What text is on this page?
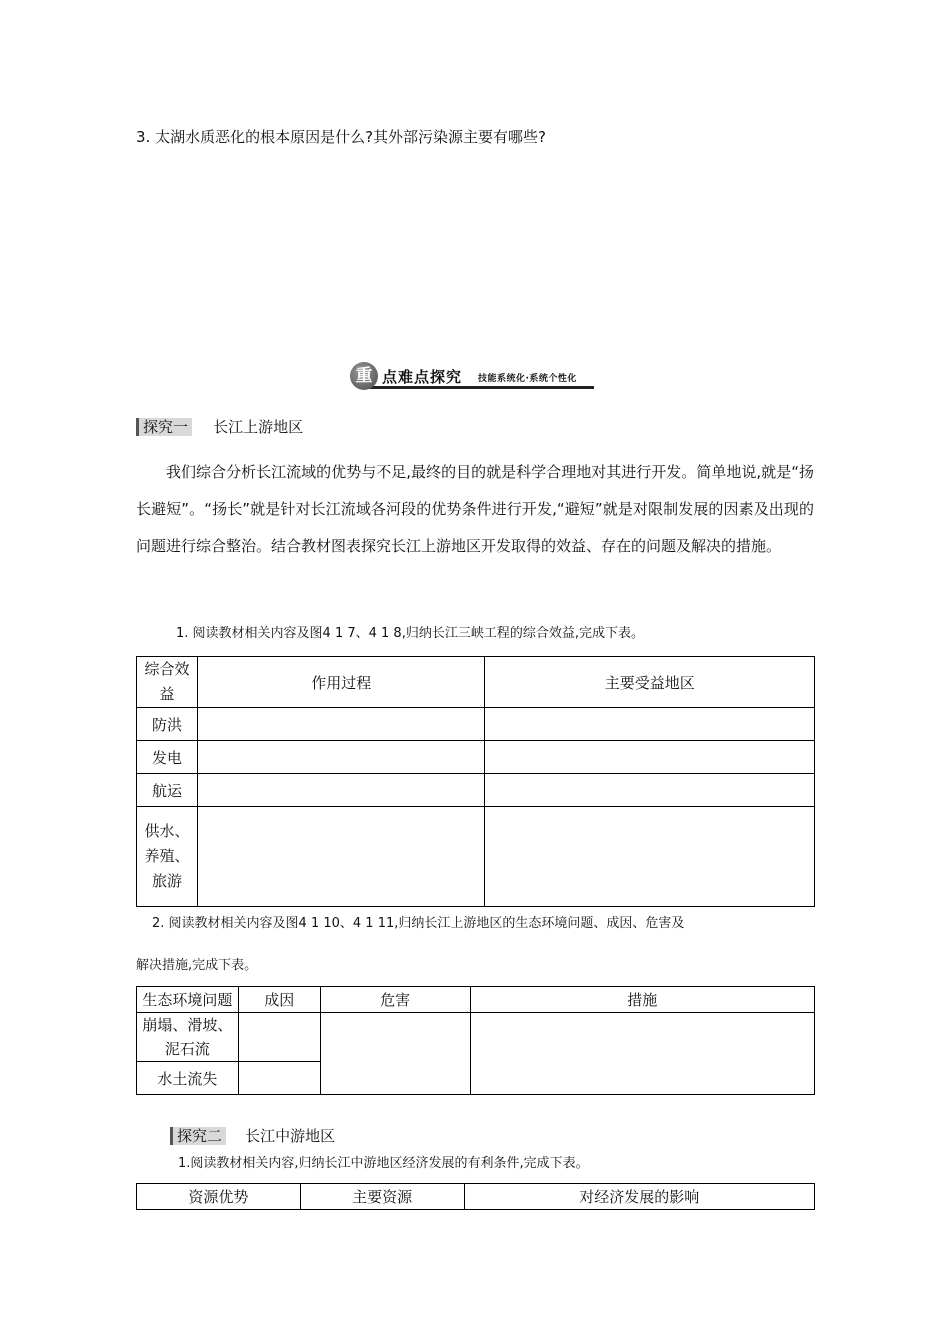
3. 太湖水质恶化的根本原因是什么?其外部污染源主要有哪些?
重 点难点探究 技能系统化·系统个性化
探究一 长江上游地区
我们综合分析长江流域的优势与不足,最终的目的就是科学合理地对其进行开发。简单地说,就是“扬长避短”。“扬长”就是针对长江流域各河段的优势条件进行开发,“避短”就是对限制发展的因素及出现的问题进行综合整治。结合教材图表探究长江上游地区开发取得的效益、存在的问题及解决的措施。
1. 阅读教材相关内容及图4 1 7、4 1 8,归纳长江三峡工程的综合效益,完成下表。
综合效益	作用过程	主要受益地区
防洪		
发电		
航运		
供水、养殖、旅游		
2. 阅读教材相关内容及图4 1 10、4 1 11,归纳长江上游地区的生态环境问题、成因、危害及
解决措施,完成下表。
生态环境问题	成因	危害	措施
崩塌、滑坡、泥石流			
水土流失			
探究二 长江中游地区
1.阅读教材相关内容,归纳长江中游地区经济发展的有利条件,完成下表。
资源优势	主要资源	对经济发展的影响
